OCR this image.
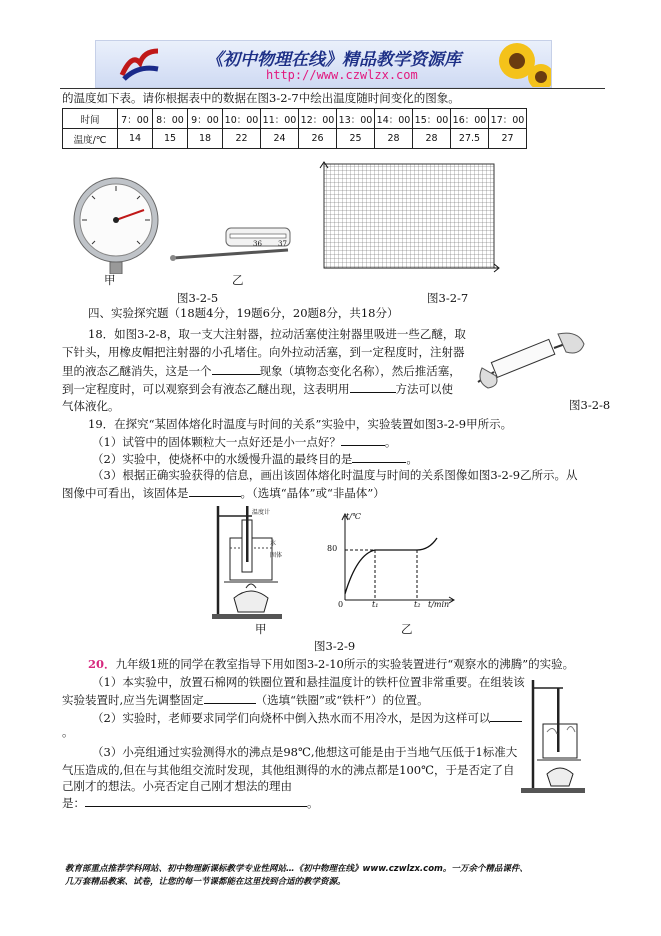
《初中物理在线》精品教学资源库
http://www.czwlzx.com
的温度如下表。请你根据表中的数据在图3-2-7中绘出温度随时间变化的图象。
时间	7：00	8：00	9：00	10：00	11：00	12：00	13：00	14：00	15：00	16：00	17：00
温度/℃	14	15	18	22	24	26	25	28	28	27.5	27
甲
36 37
乙
图3-2-5	图3-2-7
四、实验探究题（18题4分，19题6分，20题8分，共18分）
18．如图3-2-8，取一支大注射器，拉动活塞使注射器里吸进一些乙醚，取
下针头，用橡皮帽把注射器的小孔堵住。向外拉动活塞，到一定程度时，注射器
里的液态乙醚消失，这是一个	现象（填物态变化名称），然后推活塞，
到一定程度时，可以观察到会有液态乙醚出现，这表明用	方法可以使
气体液化。	图3-2-8
19．在探究“某固体熔化时温度与时间的关系”实验中，实验装置如图3-2-9甲所示。
（1）试管中的固体颗粒大一点好还是小一点好？	。
（2）实验中，使烧杯中的水缓慢升温的最终目的是	。
（3）根据正确实验获得的信息，画出该固体熔化时温度与时间的关系图像如图3-2-9乙所示。从
图像中可看出，该固体是	。（选填“晶体”或“非晶体”）
温度计
水
固体
甲
t/℃
80
0	t₁	t₂ t/min
乙
图3-2-9
20．九年级1班的同学在教室指导下用如图3-2-10所示的实验装置进行“观察水的沸腾”的实验。
（1）本实验中，放置石棉网的铁圈位置和悬挂温度计的铁杆位置非常重要。在组装该
实验装置时,应当先调整固定	（选填“铁圈”或“铁杆”）的位置。
（2）实验时，老师要求同学们向烧杯中倒入热水而不用冷水，是因为这样可以
。
（3）小亮组通过实验测得水的沸点是98℃,他想这可能是由于当地气压低于1标准大
气压造成的,但在与其他组交流时发现，其他组测得的水的沸点都是100℃，于是否定了自
己刚才的想法。小亮否定自己刚才想法的理由
是：	。
教育部重点推荐学科网站、初中物理新课标教学专业性网站…《初中物理在线》www.czwlzx.com。一万余个精品课件、
几万套精品教案、试卷，让您的每一节课都能在这里找到合适的教学资源。
